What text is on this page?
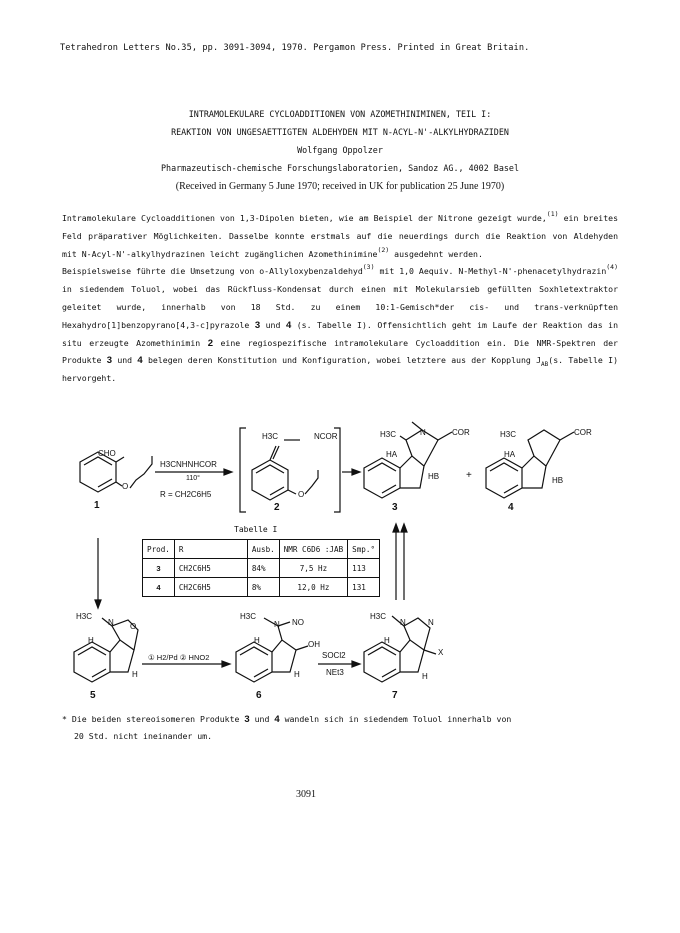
Tetrahedron Letters No.35, pp. 3091-3094, 1970. Pergamon Press. Printed in Great Britain.
INTRAMOLEKULARE CYCLOADDITIONEN VON AZOMETHINIMINEN, TEIL I:
REAKTION VON UNGESAETTIGTEN ALDEHYDEN MIT N-ACYL-N'-ALKYLHYDRAZIDEN
Wolfgang Oppolzer
Pharmazeutisch-chemische Forschungslaboratorien, Sandoz AG., 4002 Basel
(Received in Germany 5 June 1970; received in UK for publication 25 June 1970)

Intramolekulare Cycloadditionen von 1,3-Dipolen bieten, wie am Beispiel der Nitrone gezeigt wurde,$^{(1)}$ ein breites Feld präparativer Möglichkeiten. Dasselbe konnte erstmals auf die neuerdings durch die Reaktion von Aldehyden mit N-Acyl-N'-alkylhydrazinen leicht zugänglichen Azomethinimine$^{(2)}$ ausgedehnt werden.

Beispielsweise führte die Umsetzung von o-Allyloxybenzaldehyd$^{(3)}$ mit 1,0 Aequiv. N-Methyl-N'-phenacetylhydrazin$^{(4)}$ in siedendem Toluol, wobei das Rückfluss-Kondensat durch einen mit Molekularsieb gefüllten Soxhletextraktor geleitet wurde, innerhalb von 18 Std. zu einem 10:1-Gemisch*der cis- und trans-verknüpften Hexahydro[1]benzopyrano[4,3-c]pyrazole 3 und 4 (s. Tabelle I). Offensichtlich geht im Laufe der Reaktion das in situ erzeugte Azomethinimin 2 eine regiospezifische intramolekulare Cycloaddition ein. Die NMR-Spektren der Produkte 3 und 4 belegen deren Konstitution und Konfiguration, wobei letztere aus der Kopplung $J_{AB}(s$. Tabelle I) hervorgeht.

CHO
O
1
H3CNHNHCOR
110°
R = CH2C6H5
H3C	NCOR
O
2
H3C	N	COR
HA
HB
3
+
H3C	COR
HA
HB
4
Tabelle I
Prod.	R	Ausb.	NMR C6D6 :JAB	Smp.°
3	CH2C6H5	84%	7,5 Hz	113
4	CH2C6H5	8%	12,0 Hz	131
H3C
N O
H
H
5
① H2/Pd ② HNO2
H3C
N NO
H	OH
H
6
SOCl2
NEt3
H3C
N	N
H
X
H
7
* Die beiden stereoisomeren Produkte 3 und 4 wandeln sich in siedendem Toluol innerhalb von
20 Std. nicht ineinander um.
3091
